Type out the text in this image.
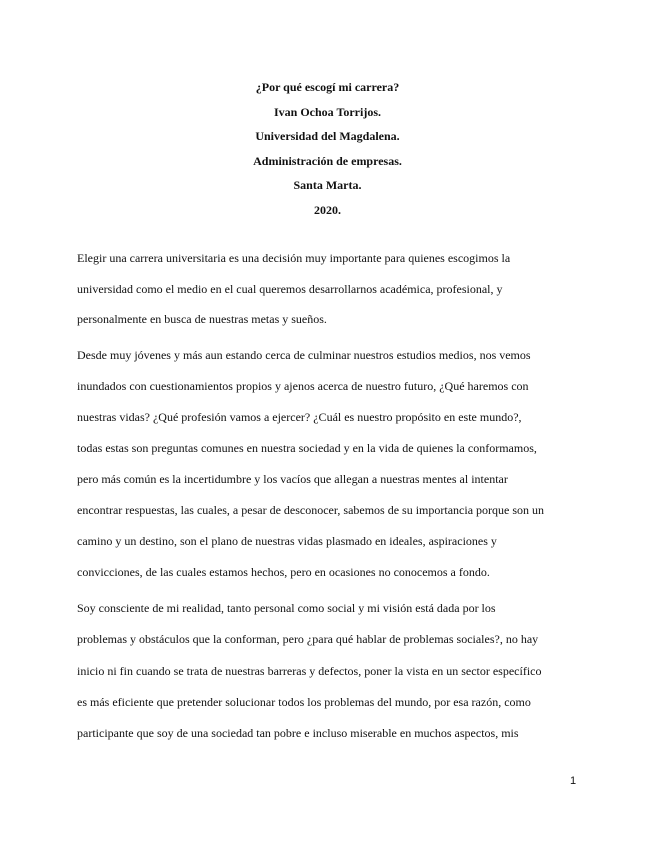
¿Por qué escogí mi carrera?
Ivan Ochoa Torrijos.
Universidad del Magdalena.
Administración de empresas.
Santa Marta.
2020.
Elegir una carrera universitaria es una decisión muy importante para quienes escogimos la
universidad como el medio en el cual queremos desarrollarnos académica, profesional, y
personalmente en busca de nuestras metas y sueños.
Desde muy jóvenes y más aun estando cerca de culminar nuestros estudios medios, nos vemos
inundados con cuestionamientos propios y ajenos acerca de nuestro futuro, ¿Qué haremos con
nuestras vidas? ¿Qué profesión vamos a ejercer? ¿Cuál es nuestro propósito en este mundo?,
todas estas son preguntas comunes en nuestra sociedad y en la vida de quienes la conformamos,
pero más común es la incertidumbre y los vacíos que allegan a nuestras mentes al intentar
encontrar respuestas, las cuales, a pesar de desconocer, sabemos de su importancia porque son un
camino y un destino, son el plano de nuestras vidas plasmado en ideales, aspiraciones y
convicciones, de las cuales estamos hechos, pero en ocasiones no conocemos a fondo.
Soy consciente de mi realidad, tanto personal como social y mi visión está dada por los
problemas y obstáculos que la conforman, pero ¿para qué hablar de problemas sociales?, no hay
inicio ni fin cuando se trata de nuestras barreras y defectos, poner la vista en un sector específico
es más eficiente que pretender solucionar todos los problemas del mundo, por esa razón, como
participante que soy de una sociedad tan pobre e incluso miserable en muchos aspectos, mis
1
